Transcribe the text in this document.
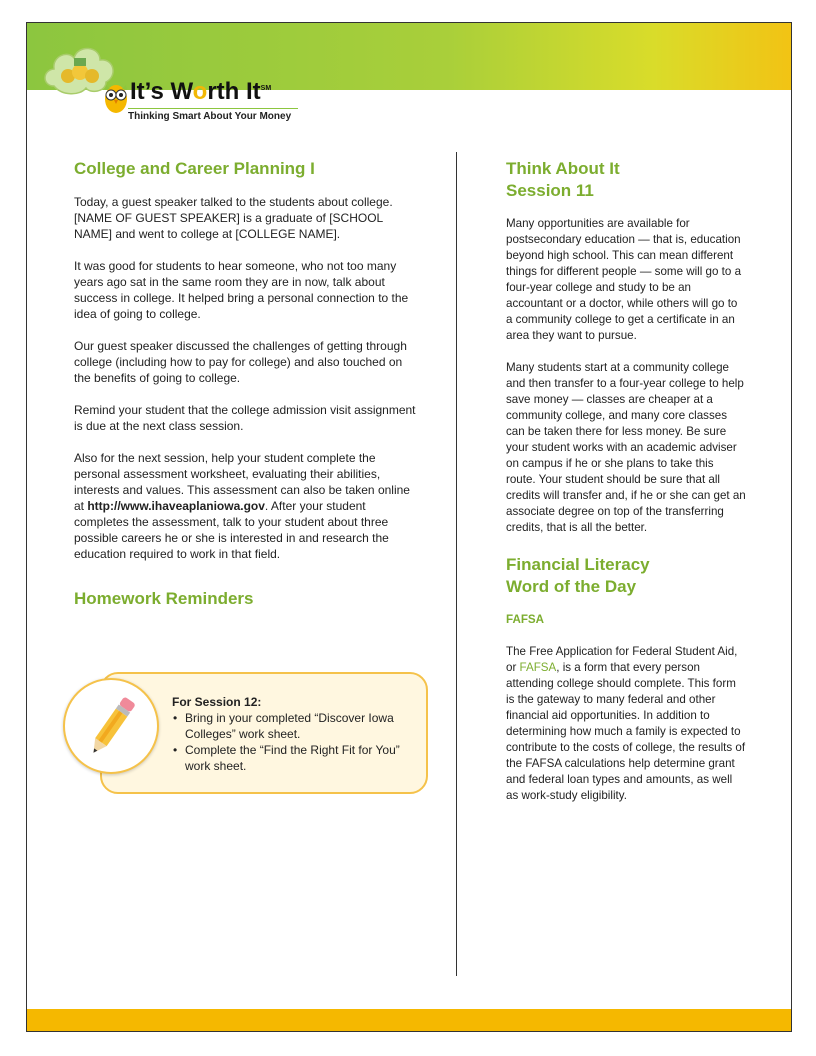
It’s Worth It℠
Thinking Smart About Your Money
College and Career Planning I

Today, a guest speaker talked to the students about college. [NAME OF GUEST SPEAKER] is a graduate of [SCHOOL NAME] and went to college at [COLLEGE NAME].

It was good for students to hear someone, who not too many years ago sat in the same room they are in now, talk about success in college. It helped bring a personal connection to the idea of going to college.

Our guest speaker discussed the challenges of getting through college (including how to pay for college) and also touched on the benefits of going to college.

Remind your student that the college admission visit assignment is due at the next class session.

Also for the next session, help your student complete the personal assessment worksheet, evaluating their abilities, interests and values. This assessment can also be taken online at http://www.ihaveaplaniowa.gov. After your student completes the assessment, talk to your student about three possible careers he or she is interested in and research the education required to work in that field.

Homework Reminders
For Session 12:
• Bring in your completed “Discover Iowa Colleges” work sheet.
• Complete the “Find the Right Fit for You” work sheet.
Think About It
Session 11

Many opportunities are available for postsecondary education — that is, education beyond high school. This can mean different things for different people — some will go to a four-year college and study to be an accountant or a doctor, while others will go to a community college to get a certificate in an area they want to pursue.

Many students start at a community college and then transfer to a four-year college to help save money — classes are cheaper at a community college, and many core classes can be taken there for less money. Be sure your student works with an academic adviser on campus if he or she plans to take this route. Your student should be sure that all credits will transfer and, if he or she can get an associate degree on top of the transferring credits, that is all the better.

Financial Literacy
Word of the Day

FAFSA

The Free Application for Federal Student Aid, or FAFSA, is a form that every person attending college should complete. This form is the gateway to many federal and other financial aid opportunities. In addition to determining how much a family is expected to contribute to the costs of college, the results of the FAFSA calculations help determine grant and federal loan types and amounts, as well as work-study eligibility.
